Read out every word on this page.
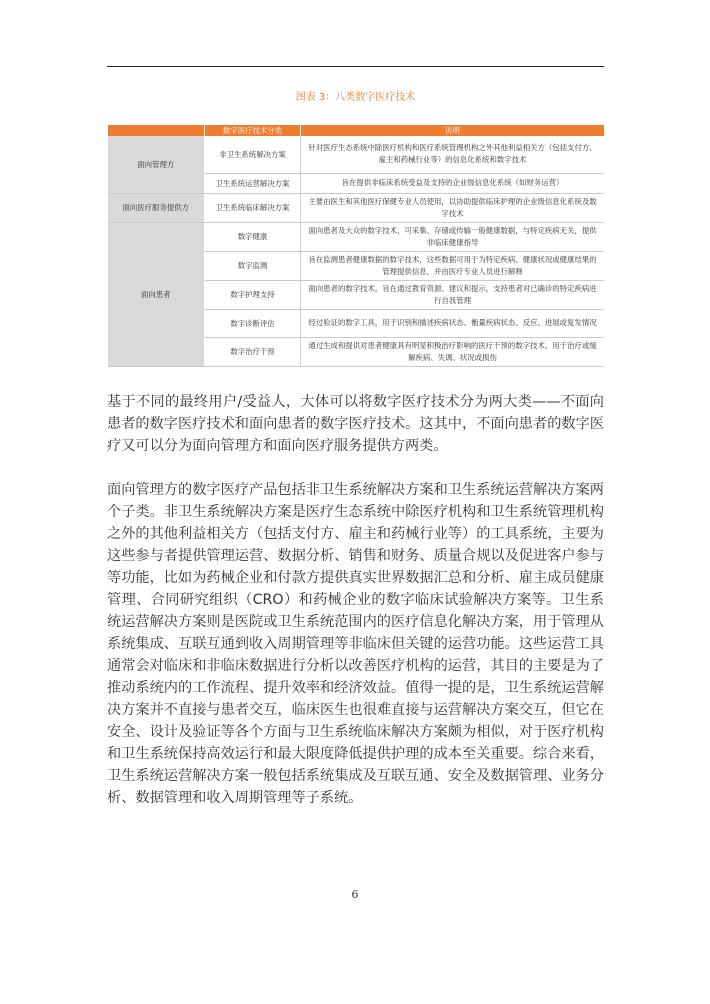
图表 3：八类数字医疗技术
	数字医疗技术分类	说明
面向管理方	非卫生系统解决方案	针对医疗生态系统中除医疗机构和医疗系统管理机构之外其他利益相关方（包括支付方、雇主和药械行业等）的信息化系统和数字技术
	卫生系统运营解决方案	旨在提供非临床系统受益及支持的企业级信息化系统（如财务运营）
面向医疗服务提供方	卫生系统临床解决方案	主要由医生和其他医疗保健专业人员使用，以协助提供临床护理的企业级信息化系统及数字技术
面向患者	数字健康	面向患者及大众的数字技术，可采集、存储或传输一般健康数据，与特定疾病无关，提供非临床健康指导
	数字监测	旨在监测患者健康数据的数字技术，这些数据可用于为特定疾病、健康状况或健康结果的管理提供信息，并由医疗专业人员进行解释
	数字护理支持	面向患者的数字技术，旨在通过教育资源、建议和提示，支持患者对已确诊的特定疾病进行自我管理
	数字诊断评估	经过验证的数字工具，用于识别和描述疾病状态、衡量疾病状态、反应、进展或复发情况
	数字治疗干预	通过生成和提供对患者健康具有明显积极治疗影响的医疗干预的数字技术，用于治疗或缓解疾病、失调、状况或损伤

基于不同的最终用户/受益人，大体可以将数字医疗技术分为两大类——不面向患者的数字医疗技术和面向患者的数字医疗技术。这其中，不面向患者的数字医疗又可以分为面向管理方和面向医疗服务提供方两类。

面向管理方的数字医疗产品包括非卫生系统解决方案和卫生系统运营解决方案两个子类。非卫生系统解决方案是医疗生态系统中除医疗机构和卫生系统管理机构之外的其他利益相关方（包括支付方、雇主和药械行业等）的工具系统，主要为这些参与者提供管理运营、数据分析、销售和财务、质量合规以及促进客户参与等功能，比如为药械企业和付款方提供真实世界数据汇总和分析、雇主成员健康管理、合同研究组织（CRO）和药械企业的数字临床试验解决方案等。卫生系统运营解决方案则是医院或卫生系统范围内的医疗信息化解决方案，用于管理从系统集成、互联互通到收入周期管理等非临床但关键的运营功能。这些运营工具通常会对临床和非临床数据进行分析以改善医疗机构的运营，其目的主要是为了推动系统内的工作流程、提升效率和经济效益。值得一提的是，卫生系统运营解决方案并不直接与患者交互，临床医生也很难直接与运营解决方案交互，但它在安全、设计及验证等各个方面与卫生系统临床解决方案颇为相似，对于医疗机构和卫生系统保持高效运行和最大限度降低提供护理的成本至关重要。综合来看，卫生系统运营解决方案一般包括系统集成及互联互通、安全及数据管理、业务分析、数据管理和收入周期管理等子系统。

6
